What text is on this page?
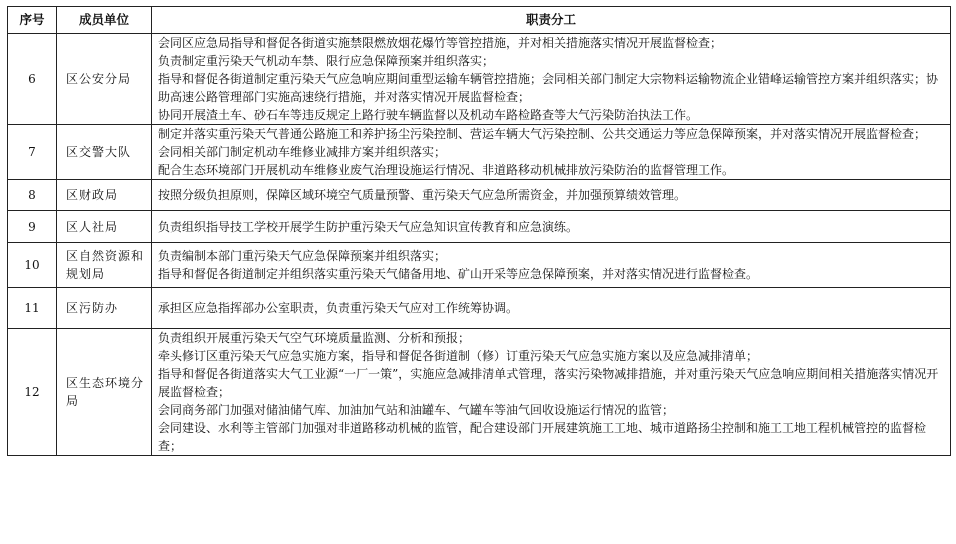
序号	成员单位	职责分工
6	区公安分局	会同区应急局指导和督促各街道实施禁限燃放烟花爆竹等管控措施，并对相关措施落实情况开展监督检查；
负责制定重污染天气机动车禁、限行应急保障预案并组织落实；
指导和督促各街道制定重污染天气应急响应期间重型运输车辆管控措施；会同相关部门制定大宗物料运输物流企业错峰运输管控方案并组织落实；协助高速公路管理部门实施高速绕行措施，并对落实情况开展监督检查；
协同开展渣土车、砂石车等违反规定上路行驶车辆监督以及机动车路检路查等大气污染防治执法工作。

7	区交警大队	制定并落实重污染天气普通公路施工和养护扬尘污染控制、营运车辆大气污染控制、公共交通运力等应急保障预案，并对落实情况开展监督检查；
会同相关部门制定机动车维修业减排方案并组织落实；
配合生态环境部门开展机动车维修业废气治理设施运行情况、非道路移动机械排放污染防治的监督管理工作。

8	区财政局	按照分级负担原则，保障区域环境空气质量预警、重污染天气应急所需资金，并加强预算绩效管理。

9	区人社局	负责组织指导技工学校开展学生防护重污染天气应急知识宣传教育和应急演练。

10	区自然资源和规划局	负责编制本部门重污染天气应急保障预案并组织落实；
指导和督促各街道制定并组织落实重污染天气储备用地、矿山开采等应急保障预案，并对落实情况进行监督检查。

11	区污防办	承担区应急指挥部办公室职责，负责重污染天气应对工作统筹协调。

12	区生态环境分局	负责组织开展重污染天气空气环境质量监测、分析和预报；
牵头修订区重污染天气应急实施方案，指导和督促各街道制（修）订重污染天气应急实施方案以及应急减排清单；
指导和督促各街道落实大气工业源“一厂一策”，实施应急减排清单式管理，落实污染物减排措施，并对重污染天气应急响应期间相关措施落实情况开展监督检查；
会同商务部门加强对储油储气库、加油加气站和油罐车、气罐车等油气回收设施运行情况的监管；
会同建设、水利等主管部门加强对非道路移动机械的监管，配合建设部门开展建筑施工工地、城市道路扬尘控制和施工工地工程机械管控的监督检查；
